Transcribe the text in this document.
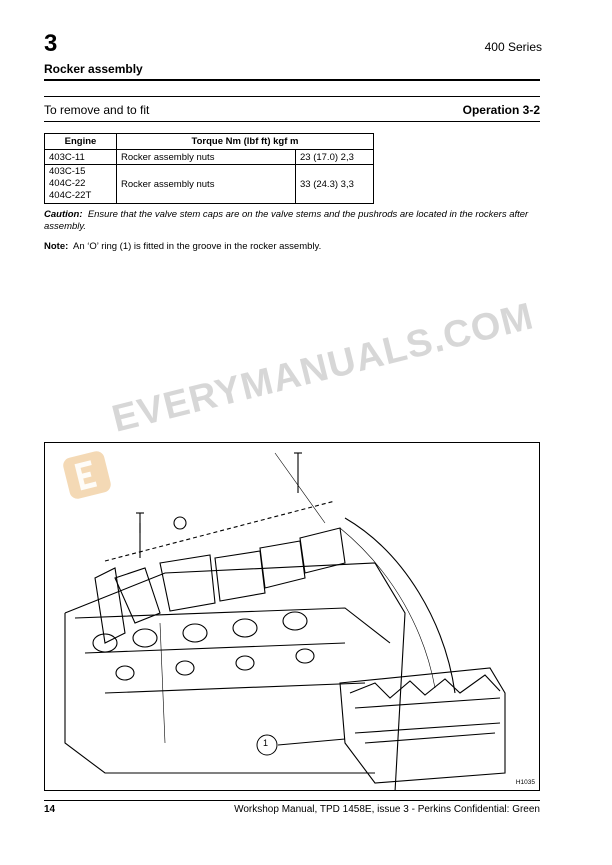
3	400 Series
Rocker assembly
To remove and to fit	Operation 3-2
Engine	Torque Nm (lbf ft) kgf m	
403C-11	Rocker assembly nuts	23 (17.0) 2,3

403C-15
404C-22
404C-22T	Rocker assembly nuts	33 (24.3) 3,3
Caution: Ensure that the valve stem caps are on the valve stems and the pushrods are located in the rockers after assembly.
Note: An ‘O’ ring (1) is fitted in the groove in the rocker assembly.
1
H1035
EVERYMANUALS.COM
14	Workshop Manual, TPD 1458E, issue 3 - Perkins Confidential: Green
